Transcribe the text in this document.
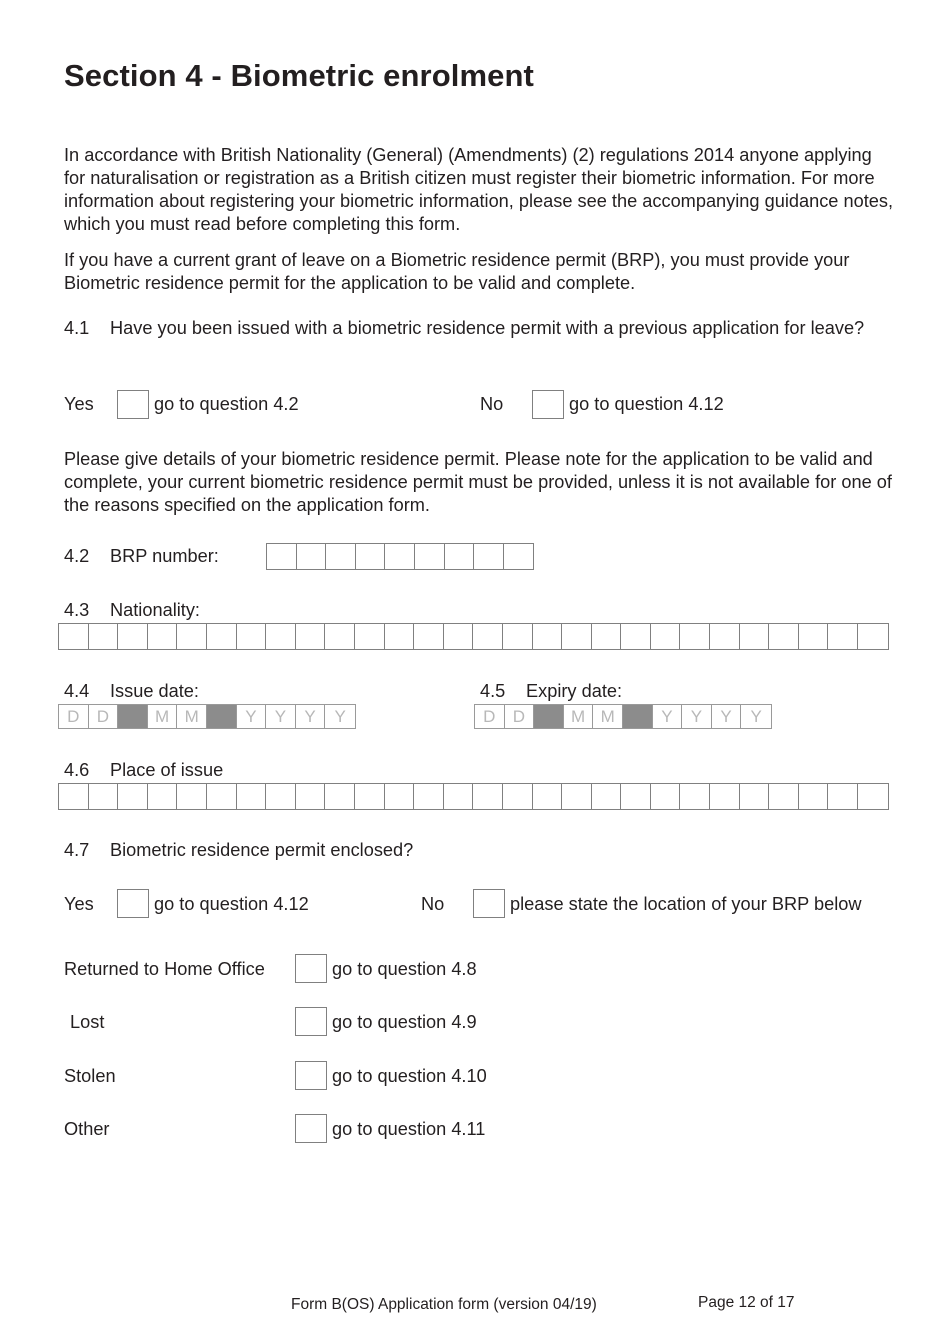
Section 4 - Biometric enrolment
In accordance with British Nationality (General) (Amendments) (2) regulations 2014 anyone applying for naturalisation or registration as a British citizen must register their biometric information. For more information about registering your biometric information, please see the accompanying guidance notes, which you must read before completing this form.
If you have a current grant of leave on a Biometric residence permit (BRP), you must provide your Biometric residence permit for the application to be valid and complete.
4.1 Have you been issued with a biometric residence permit with a previous application for leave?
Yes	go to question 4.2	No	go to question 4.12
Please give details of your biometric residence permit. Please note for the application to be valid and complete, your current biometric residence permit must be provided, unless it is not available for one of the reasons specified on the application form.
4.2 BRP number:
4.3 Nationality:
4.4 Issue date:
D	D	M M	Y	Y	Y	Y
4.5 Expiry date:
D	D	M M	Y	Y	Y	Y
4.6 Place of issue
4.7 Biometric residence permit enclosed?
Yes	go to question 4.12	No	please state the location of your BRP below
Returned to Home Office	go to question 4.8
Lost	go to question 4.9
Stolen	go to question 4.10
Other	go to question 4.11
Form B(OS) Application form (version 04/19)	Page 12 of 17
